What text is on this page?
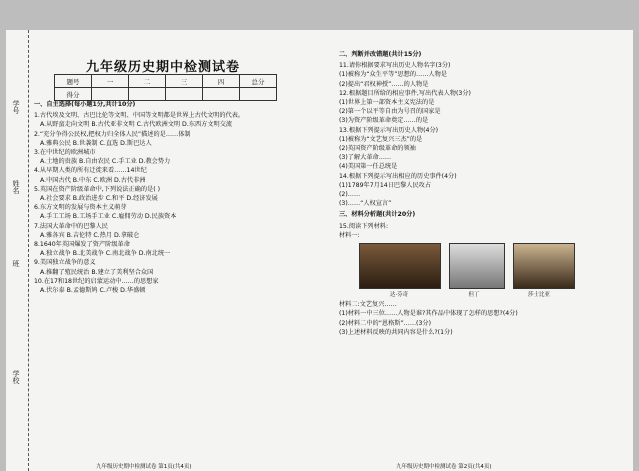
学号
姓名
班
学校
九年级历史期中检测试卷
题号	一	二	三	四	总分
得分					
一、自主选择(每小题1分,共计10分)
1.古代埃及文明、古巴比伦等文明、中国等文明都是世界上古代文明的代表。
A.从野蛮走向文明 B.古代亚非文明 C.古代欧洲文明 D.东西方文明交流
2.“充分争得公民权,把权力归全体人民”描述的是……体制
A.雅典公民 B.世袭制 C.直选 D.斯巴达人
3.在中世纪的欧洲城市
A.土地的贵族 B.自由农民 C.手工业 D.教会势力
4.从早期人类的所有迁徙来看……14世纪
A.中国古代 B.中东 C.欧洲 D.古代非洲
5.英国在资产阶级革命中,下列说法正确的是( )
A.社会要求 B.政治进步 C.和平 D.经济发展
6.东方文明的发展与资本主义萌芽
A.手工工场 B.工场手工业 C.雇佣劳动 D.民族资本
7.法国大革命中的巴黎人民
A.雅各宾 B.吉伦特 C.热月 D.拿破仑
8.1640年英国爆发了资产阶级革命
A.独立战争 B.北美战争 C.南北战争 D.南北统一
9.美国独立战争的意义
A.推翻了殖民统治 B.建立了美利坚合众国
10.在17和18世纪的启蒙运动中……的思想家
A.伏尔泰 B.孟德斯鸠 C.卢梭 D.华盛顿
二、判断并改错题(共计15分)
11.请你根据要求写出历史人物名字(3分)
(1)被称为“众生平等”思想的……人物是
(2)提出“君权神授”……的人物是
12.根据题目所给的相应事件,写出代表人物(3分)
(1)世界上第一部资本主义宪法的是
(2)第一个以平等自由为号召的国家是
(3)为资产阶级革命奠定……的是
13.根据下列提示写出历史人物(4分)
(1)被称为“文艺复兴三杰”的是
(2)英国资产阶级革命的领袖
(3)了解大革命……
(4)美国第一任总统是
14.根据下列提示写出相应的历史事件(4分)
(1)1789年7月14日巴黎人民攻占
(2)……
(3)……“人权宣言”
三、材料分析题(共计20分)
15.阅读下列材料:
材料一:
达·芬奇	但丁	莎士比亚
材料二:文艺复兴……
(1)材料一中三位……人物是谁?其作品中体现了怎样的思想?(4分)
(2)材料二中的“恩格斯”……(3分)
(3)上述材料反映的共同内容是什么?(1分)
九年级历史期中检测试卷 第1页(共4页)	九年级历史期中检测试卷 第2页(共4页)
